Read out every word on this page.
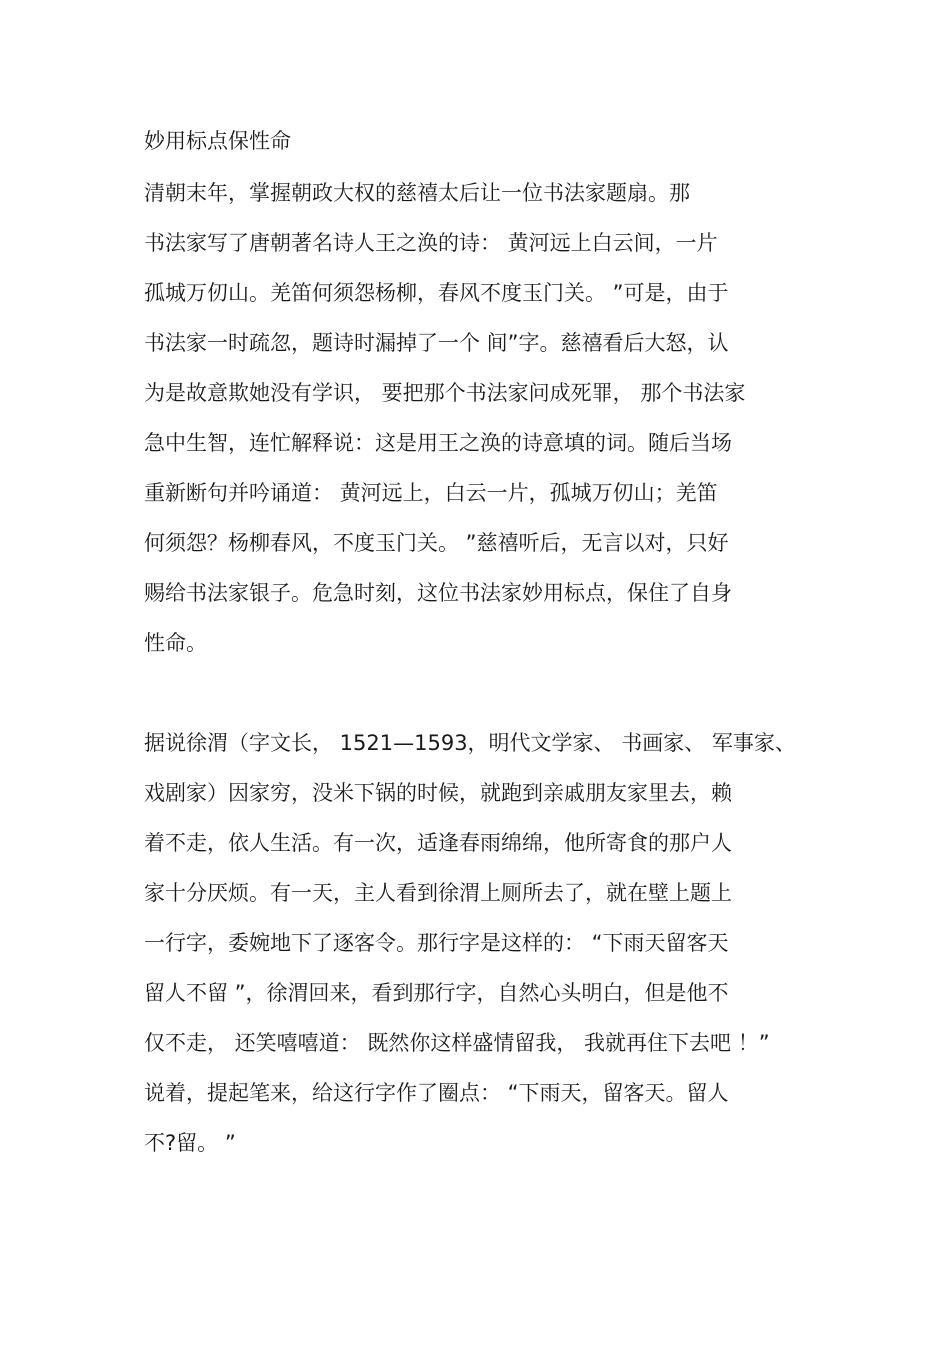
妙用标点保性命
清朝末年，掌握朝政大权的慈禧太后让一位书法家题扇。那
书法家写了唐朝著名诗人王之涣的诗： 黄河远上白云间，一片
孤城万仞山。羌笛何须怨杨柳，春风不度玉门关。 ”可是，由于
书法家一时疏忽，题诗时漏掉了一个 间”字。慈禧看后大怒，认
为是故意欺她没有学识， 要把那个书法家问成死罪， 那个书法家
急中生智，连忙解释说：这是用王之涣的诗意填的词。随后当场
重新断句并吟诵道： 黄河远上，白云一片，孤城万仞山；羌笛
何须怨？杨柳春风，不度玉门关。 ”慈禧听后，无言以对，只好
赐给书法家银子。危急时刻，这位书法家妙用标点，保住了自身
性命。
据说徐渭（字文长， 1521—1593，明代文学家、 书画家、 军事家、
戏剧家）因家穷，没米下锅的时候，就跑到亲戚朋友家里去，赖
着不走，依人生活。有一次，适逢春雨绵绵，他所寄食的那户人
家十分厌烦。有一天，主人看到徐渭上厕所去了，就在壁上题上
一行字，委婉地下了逐客令。那行字是这样的： “下雨天留客天
留人不留 ”，徐渭回来，看到那行字，自然心头明白，但是他不
仅不走， 还笑嘻嘻道： 既然你这样盛情留我， 我就再住下去吧 ！”
说着，提起笔来，给这行字作了圈点： “下雨天，留客天。留人
不?留。 ”
